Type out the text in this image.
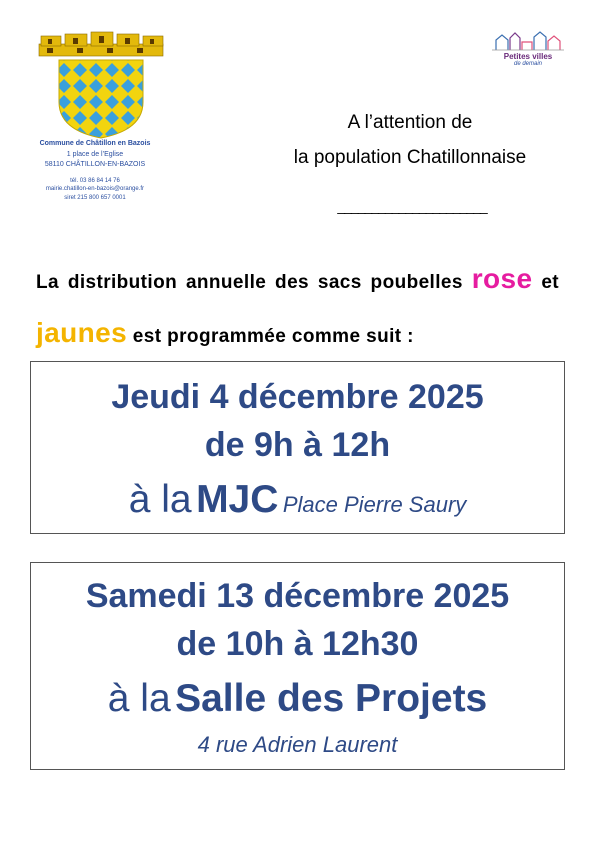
Commune de Châtillon en Bazois
1 place de l’Eglise
58110 CHÂTILLON-EN-BAZOIS
tél. 03 86 84 14 76
mairie.chatillon-en-bazois@orange.fr
siret 215 800 657 0001
Petites villes
de demain
A l’attention de
la population Chatillonnaise
______________________
La distribution annuelle des sacs poubelles rose et jaunes est programmée comme suit :
Jeudi 4 décembre 2025
de 9h à 12h
à la MJC Place Pierre Saury
Samedi 13 décembre 2025
de 10h à 12h30
à la Salle des Projets
4 rue Adrien Laurent
